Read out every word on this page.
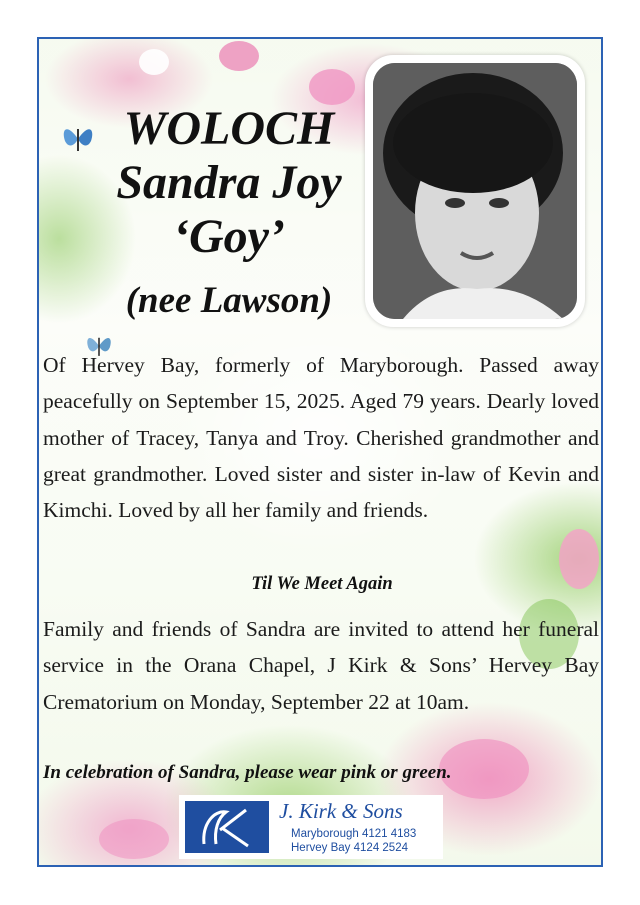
WOLOCH
Sandra Joy
‘Goy’
(nee Lawson)
Of Hervey Bay, formerly of Maryborough. Passed away peacefully on September 15, 2025. Aged 79 years. Dearly loved mother of Tracey, Tanya and Troy. Cherished grandmother and great grandmother. Loved sister and sister in-law of Kevin and Kimchi. Loved by all her family and friends.
Til We Meet Again
Family and friends of Sandra are invited to attend her funeral service in the Orana Chapel, J Kirk & Sons’ Hervey Bay Crematorium on Monday, September 22 at 10am.
In celebration of Sandra, please wear pink or green.
J. Kirk & Sons
Maryborough 4121 4183
Hervey Bay 4124 2524
